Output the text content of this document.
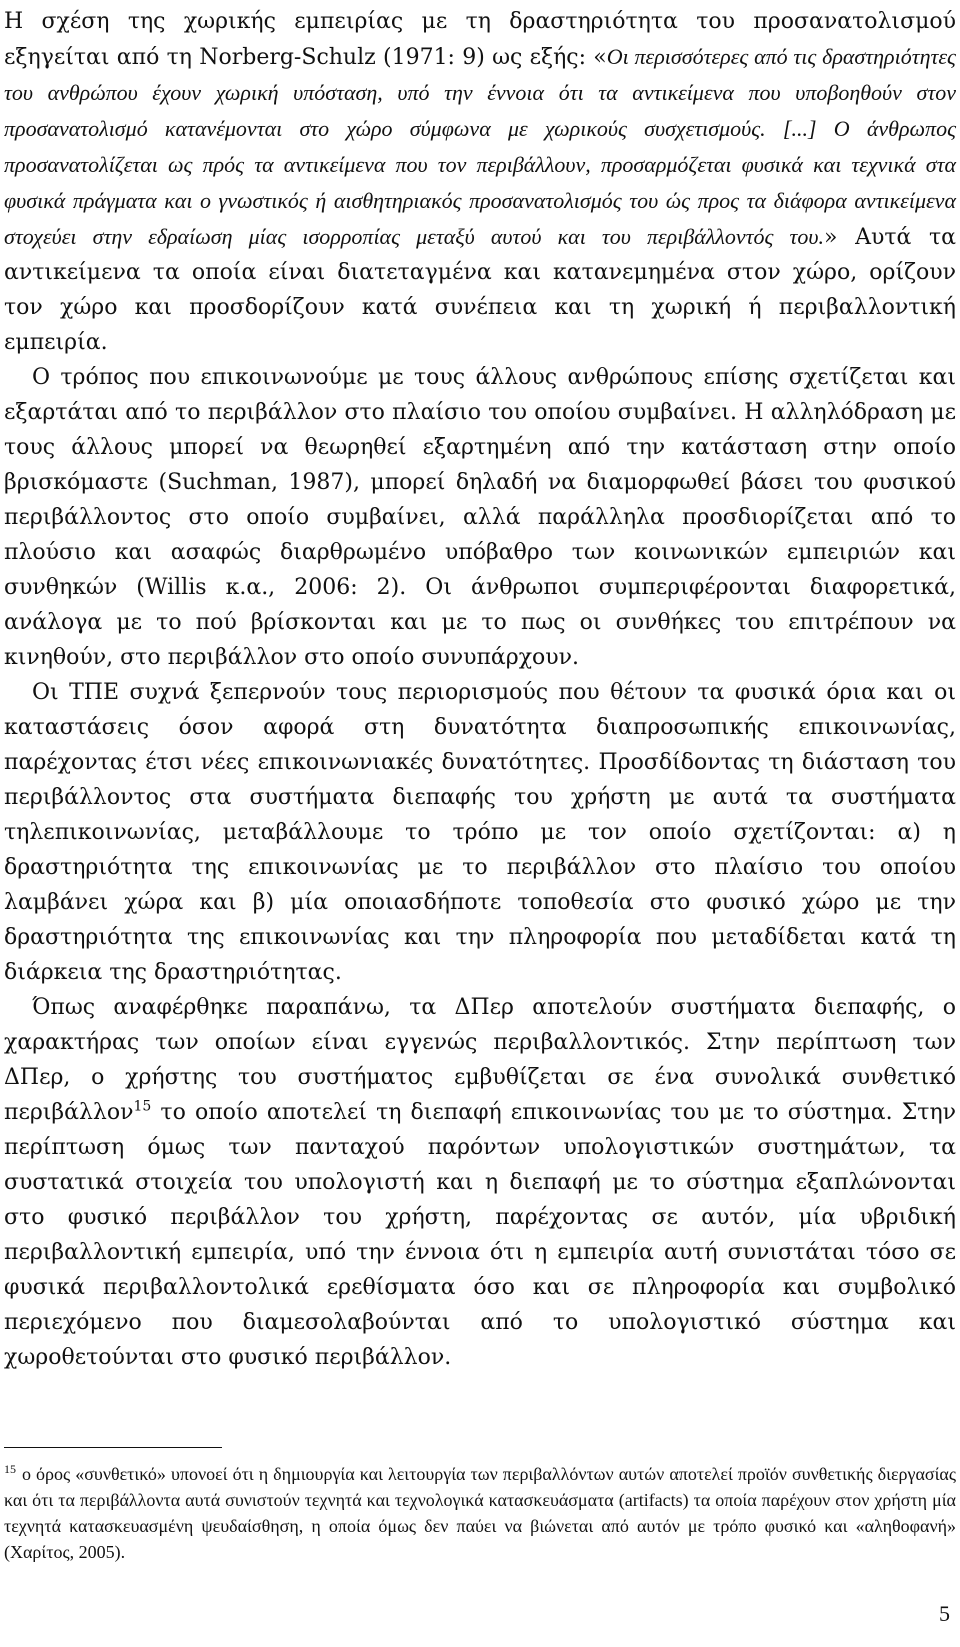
Η σχέση της χωρικής εμπειρίας με τη δραστηριότητα του προσανατολισμού εξηγείται από τη Norberg-Schulz (1971: 9) ως εξής: «Οι περισσότερες από τις δραστηριότητες του ανθρώπου έχουν χωρική υπόσταση, υπό την έννοια ότι τα αντικείμενα που υποβοηθούν στον προσανατολισμό κατανέμονται στο χώρο σύμφωνα με χωρικούς συσχετισμούς. [...] Ο άνθρωπος προσανατολίζεται ως πρός τα αντικείμενα που τον περιβάλλουν, προσαρμόζεται φυσικά και τεχνικά στα φυσικά πράγματα και ο γνωστικός ή αισθητηριακός προσανατολισμός του ώς προς τα διάφορα αντικείμενα στοχεύει στην εδραίωση μίας ισορροπίας μεταξύ αυτού και του περιβάλλοντός του.» Αυτά τα αντικείμενα τα οποία είναι διατεταγμένα και κατανεμημένα στον χώρο, ορίζουν τον χώρο και προσδορίζουν κατά συνέπεια και τη χωρική ή περιβαλλοντική εμπειρία.

Ο τρόπος που επικοινωνούμε με τους άλλους ανθρώπους επίσης σχετίζεται και εξαρτάται από το περιβάλλον στο πλαίσιο του οποίου συμβαίνει. Η αλληλόδραση με τους άλλους μπορεί να θεωρηθεί εξαρτημένη από την κατάσταση στην οποίο βρισκόμαστε (Suchman, 1987), μπορεί δηλαδή να διαμορφωθεί βάσει του φυσικού περιβάλλοντος στο οποίο συμβαίνει, αλλά παράλληλα προσδιορίζεται από το πλούσιο και ασαφώς διαρθρωμένο υπόβαθρο των κοινωνικών εμπειριών και συνθηκών (Willis κ.α., 2006: 2). Οι άνθρωποι συμπεριφέρονται διαφορετικά, ανάλογα με το πού βρίσκονται και με το πως οι συνθήκες του επιτρέπουν να κινηθούν, στο περιβάλλον στο οποίο συνυπάρχουν.

Οι ΤΠΕ συχνά ξεπερνούν τους περιορισμούς που θέτουν τα φυσικά όρια και οι καταστάσεις όσον αφορά στη δυνατότητα διαπροσωπικής επικοινωνίας, παρέχοντας έτσι νέες επικοινωνιακές δυνατότητες. Προσδίδοντας τη διάσταση του περιβάλλοντος στα συστήματα διεπαφής του χρήστη με αυτά τα συστήματα τηλεπικοινωνίας, μεταβάλλουμε το τρόπο με τον οποίο σχετίζονται: α) η δραστηριότητα της επικοινωνίας με το περιβάλλον στο πλαίσιο του οποίου λαμβάνει χώρα και β) μία οποιασδήποτε τοποθεσία στο φυσικό χώρο με την δραστηριότητα της επικοινωνίας και την πληροφορία που μεταδίδεται κατά τη διάρκεια της δραστηριότητας.

Όπως αναφέρθηκε παραπάνω, τα ΔΠερ αποτελούν συστήματα διεπαφής, ο χαρακτήρας των οποίων είναι εγγενώς περιβαλλοντικός. Στην περίπτωση των ΔΠερ, ο χρήστης του συστήματος εμβυθίζεται σε ένα συνολικά συνθετικό περιβάλλον$^{15}$ το οποίο αποτελεί τη διεπαφή επικοινωνίας του με το σύστημα. Στην περίπτωση όμως των πανταχού παρόντων υπολογιστικών συστημάτων, τα συστατικά στοιχεία του υπολογιστή και η διεπαφή με το σύστημα εξαπλώνονται στο φυσικό περιβάλλον του χρήστη, παρέχοντας σε αυτόν, μία υβριδική περιβαλλοντική εμπειρία, υπό την έννοια ότι η εμπειρία αυτή συνιστάται τόσο σε φυσικά περιβαλλοντολικά ερεθίσματα όσο και σε πληροφορία και συμβολικό περιεχόμενο που διαμεσολαβούνται από το υπολογιστικό σύστημα και χωροθετούνται στο φυσικό περιβάλλον.

$^{15}$ ο όρος «συνθετικό» υπονοεί ότι η δημιουργία και λειτουργία των περιβαλλόντων αυτών αποτελεί προϊόν συνθετικής διεργασίας και ότι τα περιβάλλοντα αυτά συνιστούν τεχνητά και τεχνολογικά κατασκευάσματα (artifacts) τα οποία παρέχουν στον χρήστη μία τεχνητά κατασκευασμένη ψευδαίσθηση, η οποία όμως δεν παύει να βιώνεται από αυτόν με τρόπο φυσικό και «αληθοφανή» (Χαρίτος, 2005).
5
